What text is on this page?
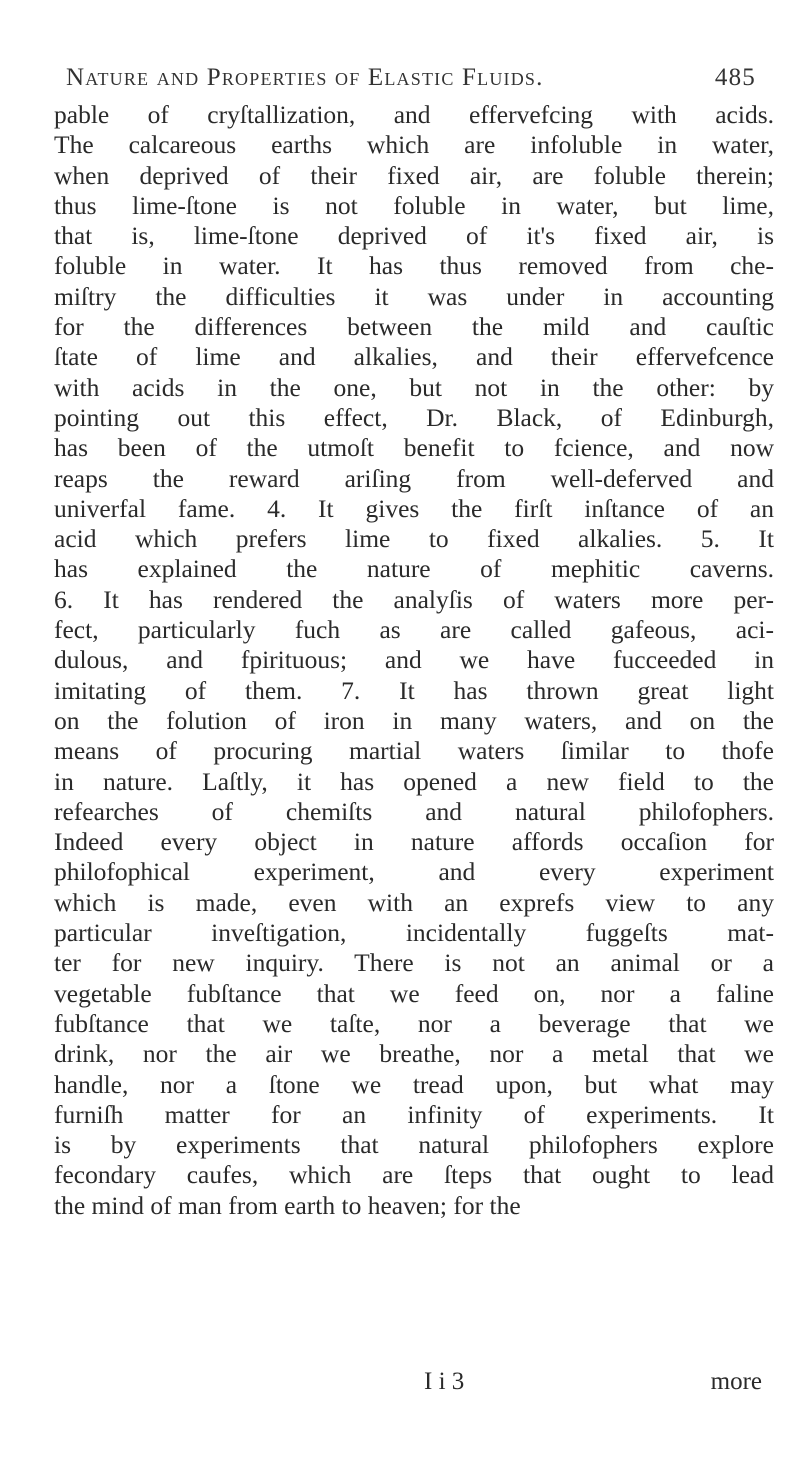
Nature and Properties of Elastic Fluids.	485
pable of cryſtallization, and effervefcing with acids.
The calcareous earths which are infoluble in water,
when deprived of their fixed air, are foluble therein;
thus lime-ſtone is not foluble in water, but lime,
that is, lime-ſtone deprived of it's fixed air, is
foluble in water. It has thus removed from che-
miſtry the difficulties it was under in accounting
for the differences between the mild and cauſtic
ſtate of lime and alkalies, and their effervefcence
with acids in the one, but not in the other: by
pointing out this effect, Dr. Black, of Edinburgh,
has been of the utmoſt benefit to fcience, and now
reaps the reward ariſing from well-deferved and
univerfal fame. 4. It gives the firſt inſtance of an
acid which prefers lime to fixed alkalies. 5. It
has explained the nature of mephitic caverns.
6. It has rendered the analyſis of waters more per-
fect, particularly fuch as are called gafeous, aci-
dulous, and fpirituous; and we have fucceeded in
imitating of them. 7. It has thrown great light
on the folution of iron in many waters, and on the
means of procuring martial waters ſimilar to thofe
in nature. Laſtly, it has opened a new field to the
refearches of chemiſts and natural philofophers.
Indeed every object in nature affords occaſion for
philofophical experiment, and every experiment
which is made, even with an exprefs view to any
particular inveſtigation, incidentally fuggeſts mat-
ter for new inquiry. There is not an animal or a
vegetable fubſtance that we feed on, nor a faline
fubſtance that we taſte, nor a beverage that we
drink, nor the air we breathe, nor a metal that we
handle, nor a ſtone we tread upon, but what may
furniſh matter for an infinity of experiments. It
is by experiments that natural philofophers explore
fecondary caufes, which are ſteps that ought to lead
the mind of man from earth to heaven; for the
I i 3	more
